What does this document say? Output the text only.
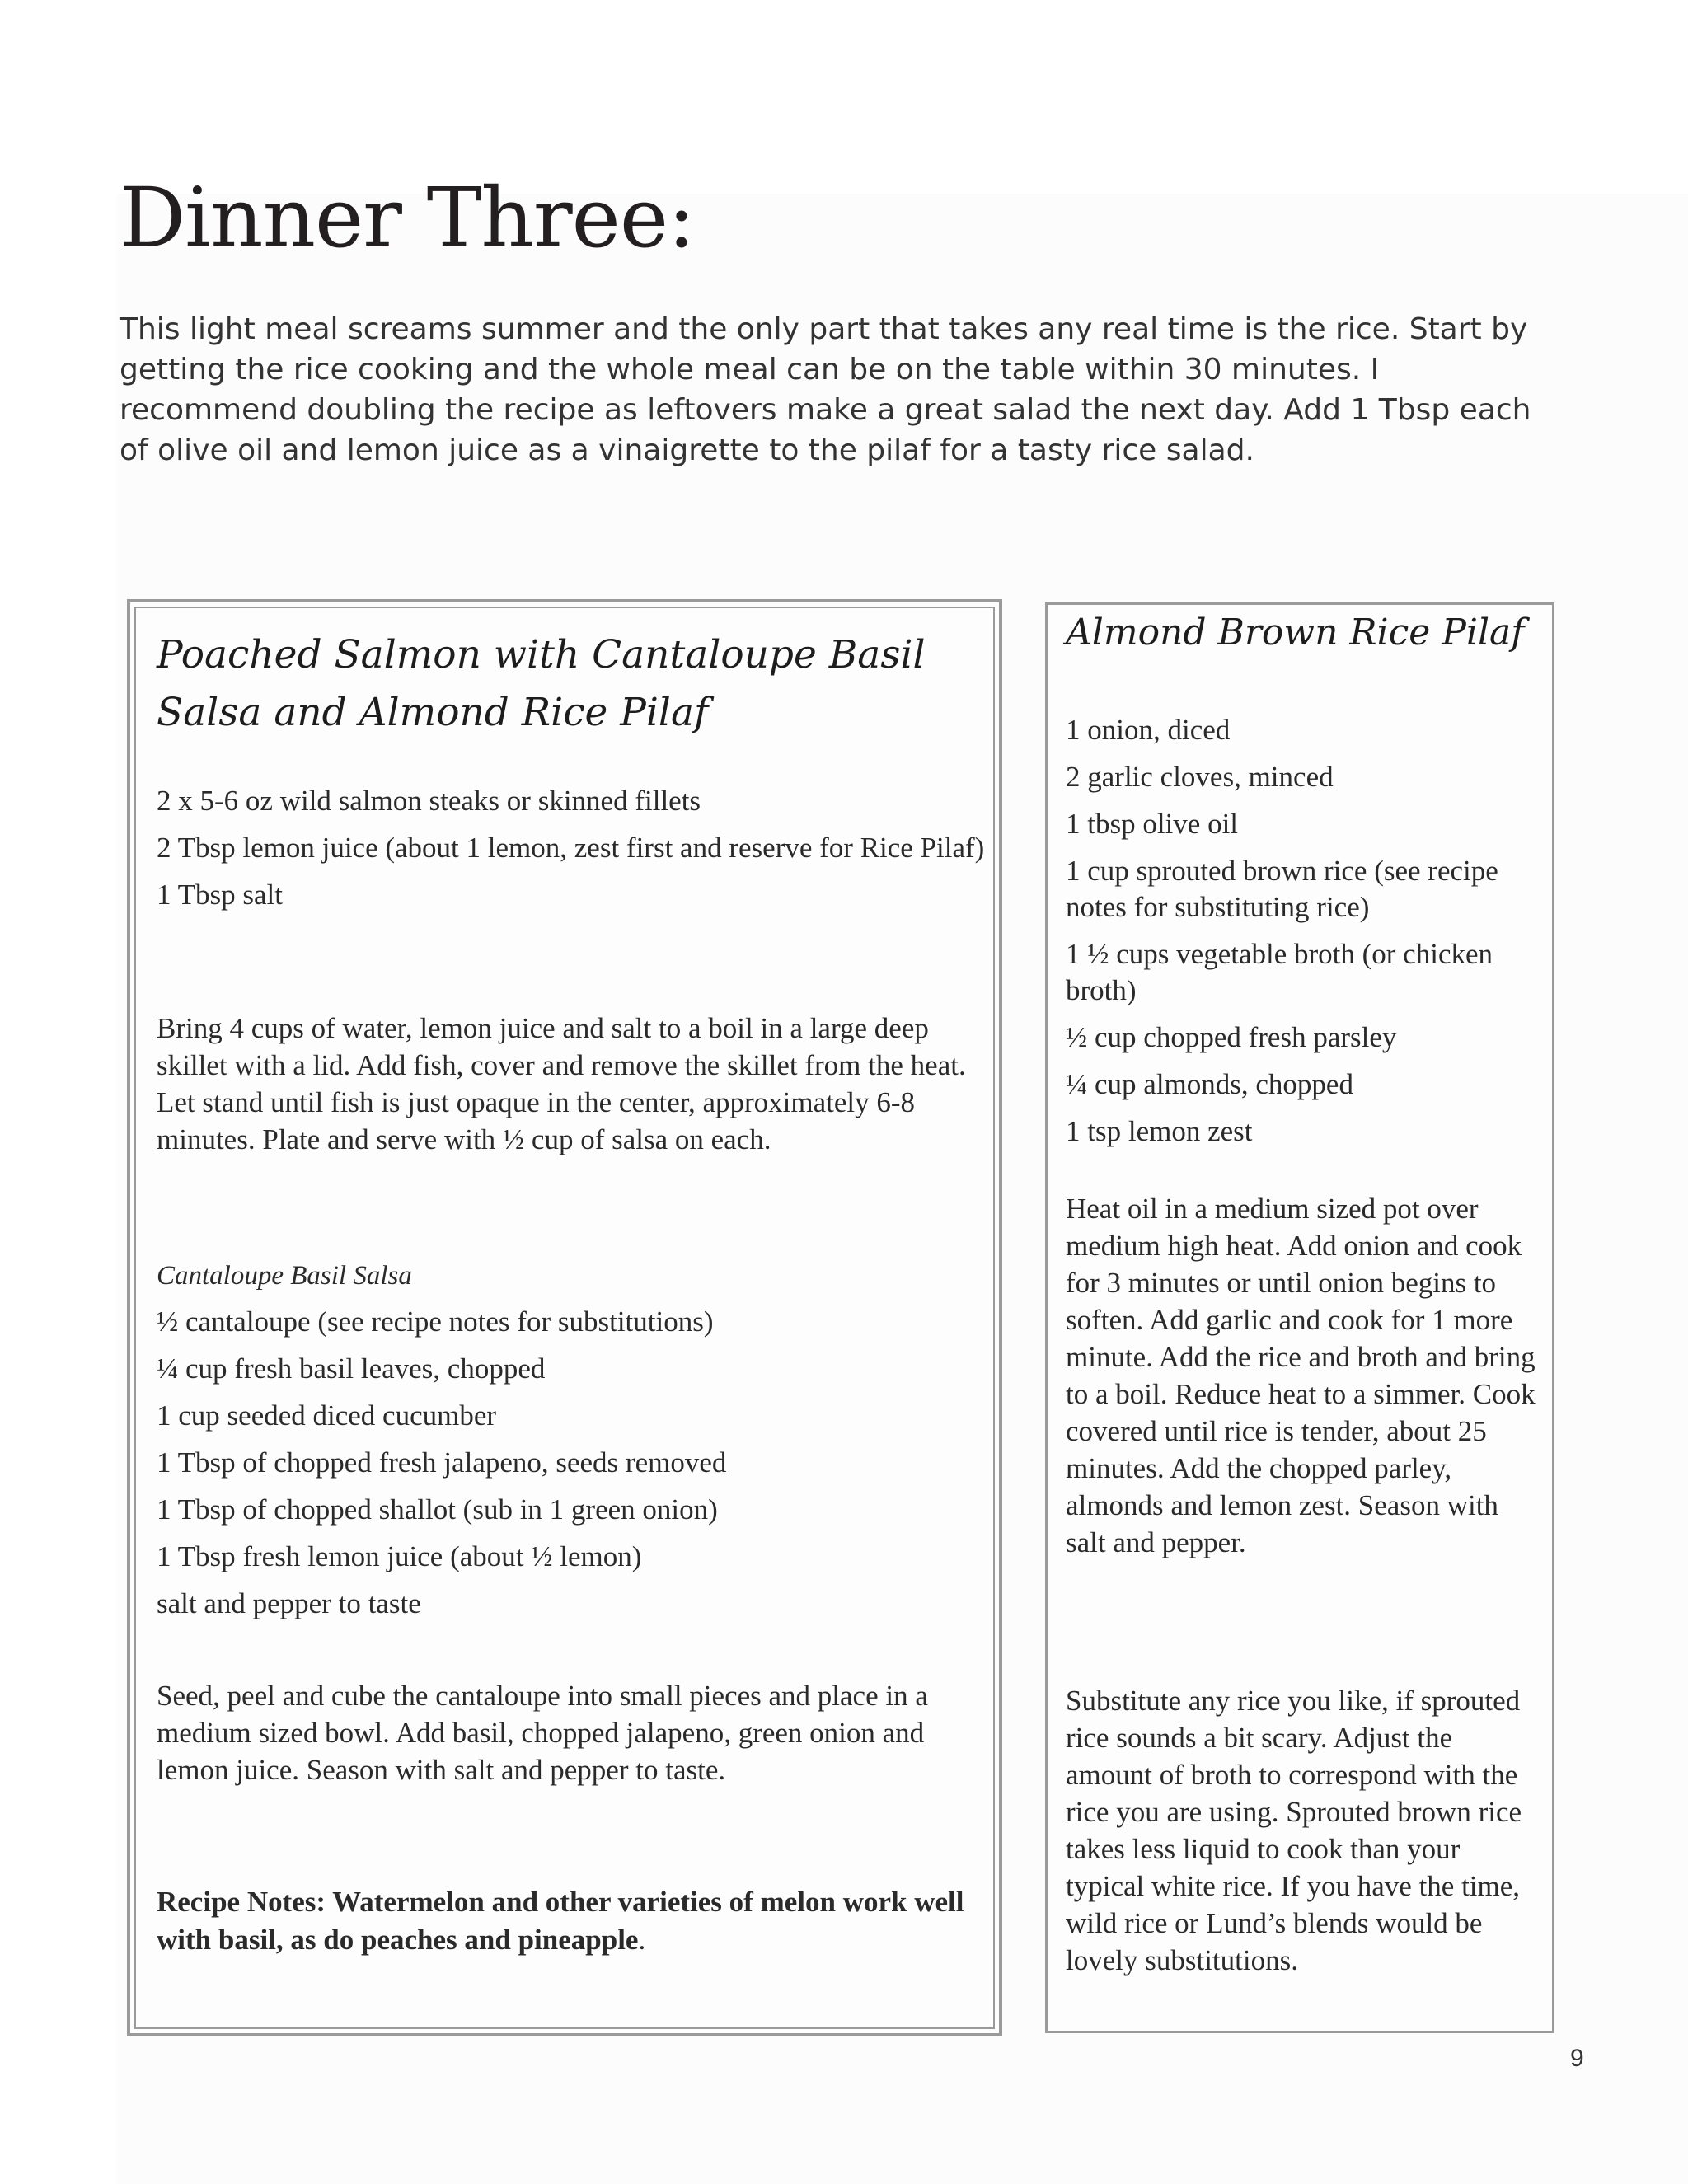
Dinner Three:

This light meal screams summer and the only part that takes any real time is the rice. Start by getting the rice cooking and the whole meal can be on the table within 30 minutes. I recommend doubling the recipe as leftovers make a great salad the next day. Add 1 Tbsp each of olive oil and lemon juice as a vinaigrette to the pilaf for a tasty rice salad.

Poached Salmon with Cantaloupe Basil Salsa and Almond Rice Pilaf

2 x 5-6 oz wild salmon steaks or skinned fillets

2 Tbsp lemon juice (about 1 lemon, zest first and reserve for Rice Pilaf)

1 Tbsp salt

Bring 4 cups of water, lemon juice and salt to a boil in a large deep skillet with a lid. Add fish, cover and remove the skillet from the heat. Let stand until fish is just opaque in the center, approximately 6-8 minutes. Plate and serve with ½ cup of salsa on each.

Cantaloupe Basil Salsa

½ cantaloupe (see recipe notes for substitutions)

¼ cup fresh basil leaves, chopped

1 cup seeded diced cucumber

1 Tbsp of chopped fresh jalapeno, seeds removed

1 Tbsp of chopped shallot (sub in 1 green onion)

1 Tbsp fresh lemon juice (about ½ lemon)

salt and pepper to taste

Seed, peel and cube the cantaloupe into small pieces and place in a medium sized bowl. Add basil, chopped jalapeno, green onion and lemon juice. Season with salt and pepper to taste.

Recipe Notes: Watermelon and other varieties of melon work well with basil, as do peaches and pineapple.

Almond Brown Rice Pilaf

1 onion, diced

2 garlic cloves, minced

1 tbsp olive oil

1 cup sprouted brown rice (see recipe notes for substituting rice)

1 ½ cups vegetable broth (or chicken broth)

½ cup chopped fresh parsley

¼ cup almonds, chopped

1 tsp lemon zest

Heat oil in a medium sized pot over medium high heat. Add onion and cook for 3 minutes or until onion begins to soften. Add garlic and cook for 1 more minute. Add the rice and broth and bring to a boil. Reduce heat to a simmer. Cook covered until rice is tender, about 25 minutes. Add the chopped parley, almonds and lemon zest. Season with salt and pepper.

Substitute any rice you like, if sprouted rice sounds a bit scary. Adjust the amount of broth to correspond with the rice you are using. Sprouted brown rice takes less liquid to cook than your typical white rice. If you have the time, wild rice or Lund’s blends would be lovely substitutions.

9
